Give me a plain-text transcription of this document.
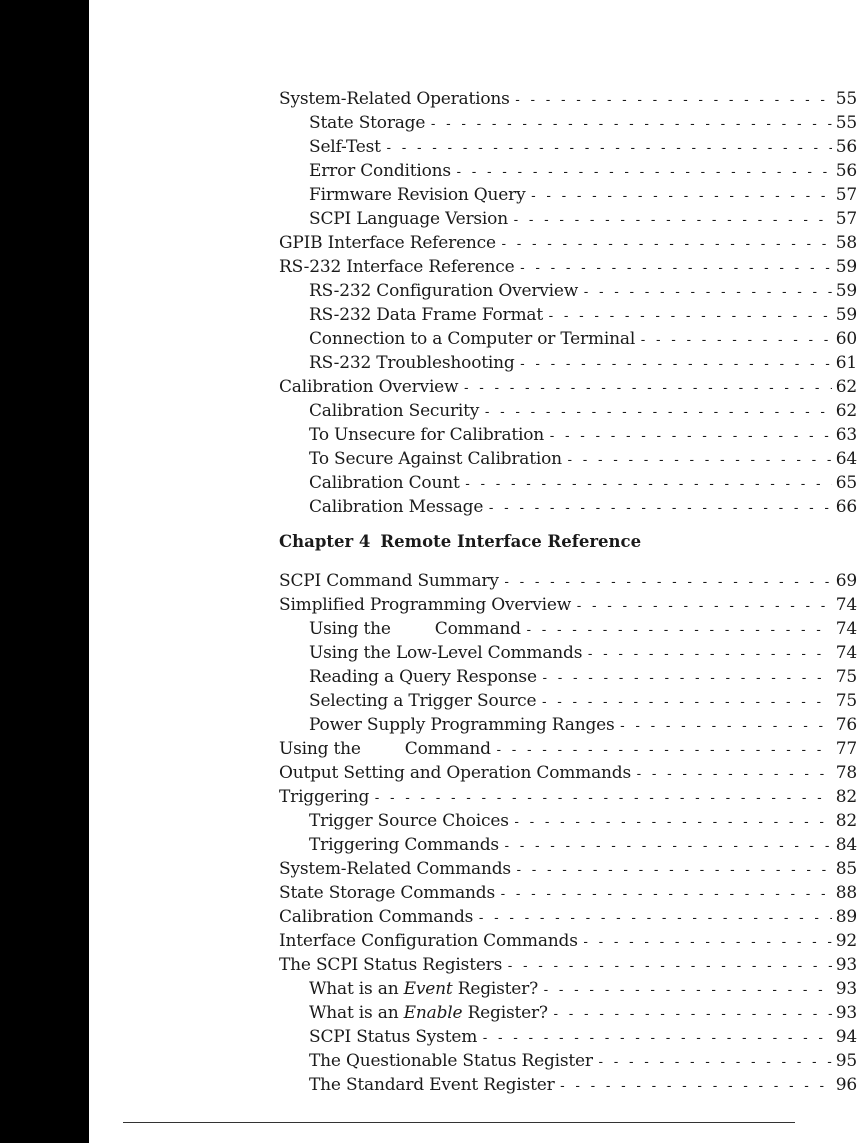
System-Related Operations - - -	55
State Storage - - -	55
Self-Test - - -	56
Error Conditions - - -	56
Firmware Revision Query - - -	57
SCPI Language Version - - -	57
GPIB Interface Reference - - -	58
RS-232 Interface Reference - - -	59
RS-232 Configuration Overview - - -	59
RS-232 Data Frame Format - - -	59
Connection to a Computer or Terminal - - -	60
RS-232 Troubleshooting - - -	61
Calibration Overview - - -	62
Calibration Security - - -	62
To Unsecure for Calibration - - -	63
To Secure Against Calibration - - -	64
Calibration Count - - -	65
Calibration Message - - -	66
Chapter 4 Remote Interface Reference
SCPI Command Summary - - -	69
Simplified Programming Overview - - -	74
Using the	Command - - -	74
Using the Low-Level Commands - - -	74
Reading a Query Response - - -	75
Selecting a Trigger Source - - -	75
Power Supply Programming Ranges - - -	76
Using the	Command - - -	77
Output Setting and Operation Commands - - -	78
Triggering - - -	82
Trigger Source Choices - - -	82
Triggering Commands - - -	84
System-Related Commands - - -	85
State Storage Commands - - -	88
Calibration Commands - - -	89
Interface Configuration Commands - - -	92
The SCPI Status Registers - - -	93
What is an Event Register? - - -	93
What is an Enable Register? - - -	93
SCPI Status System - - -	94
The Questionable Status Register - - -	95
The Standard Event Register - - -	96
